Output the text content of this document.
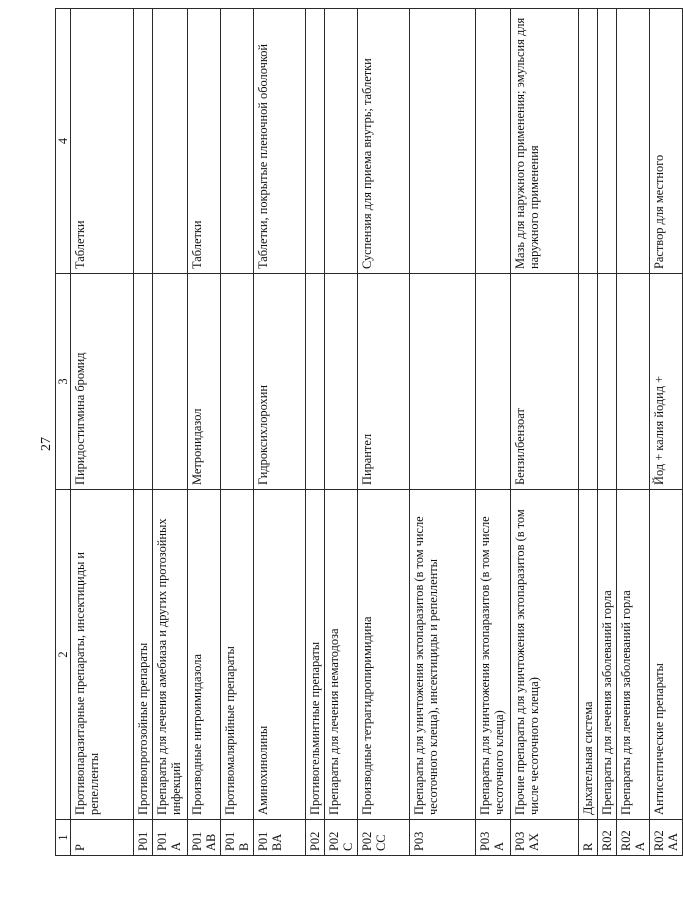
27
1	2	3	4
P	Противопаразитарные препараты, инсектициды и репелленты	Пиридостигмина бромид	Таблетки
P01	Противопротозойные препараты		
P01A	Препараты для лечения амебиаза и других протозойных инфекций		
P01AB	Производные нитроимидазола	Метронидазол	Таблетки
P01B	Противомалярийные препараты		
P01BA	Аминохинолины	Гидроксихлорохин	Таблетки, покрытые пленочной оболочкой
P02	Противогельминтные препараты		
P02C	Препараты для лечения нематодоза		
P02CC	Производные тетрагидропиримидина	Пирантел	Суспензия для приема внутрь; таблетки
P03	Препараты для уничтожения эктопаразитов (в том числе чесоточного клеща), инсектициды и репелленты		
P03A	Препараты для уничтожения эктопаразитов (в том числе чесоточного клеща)		
P03AX	Прочие препараты для уничтожения эктопаразитов (в том числе чесоточного клеща)	Бензилбензоат	Мазь для наружного применения; эмульсия для наружного применения
R	Дыхательная система		
R02	Препараты для лечения заболеваний горла		
R02A	Препараты для лечения заболеваний горла		
R02AA	Антисептические препараты	Йод + калия йодид +	Раствор для местного
